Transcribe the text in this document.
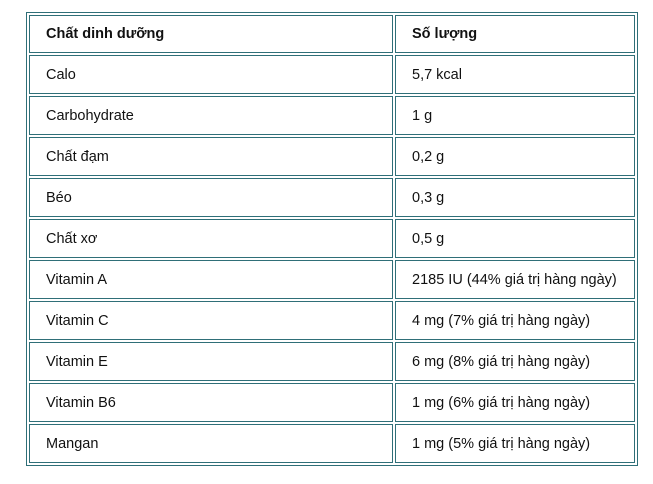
Chất dinh dưỡng	Số lượng
Calo	5,7 kcal
Carbohydrate	1 g
Chất đạm	0,2 g
Béo	0,3 g
Chất xơ	0,5 g
Vitamin A	2185 IU (44% giá trị hàng ngày)
Vitamin C	4 mg (7% giá trị hàng ngày)
Vitamin E	6 mg (8% giá trị hàng ngày)
Vitamin B6	1 mg (6% giá trị hàng ngày)
Mangan	1 mg (5% giá trị hàng ngày)
